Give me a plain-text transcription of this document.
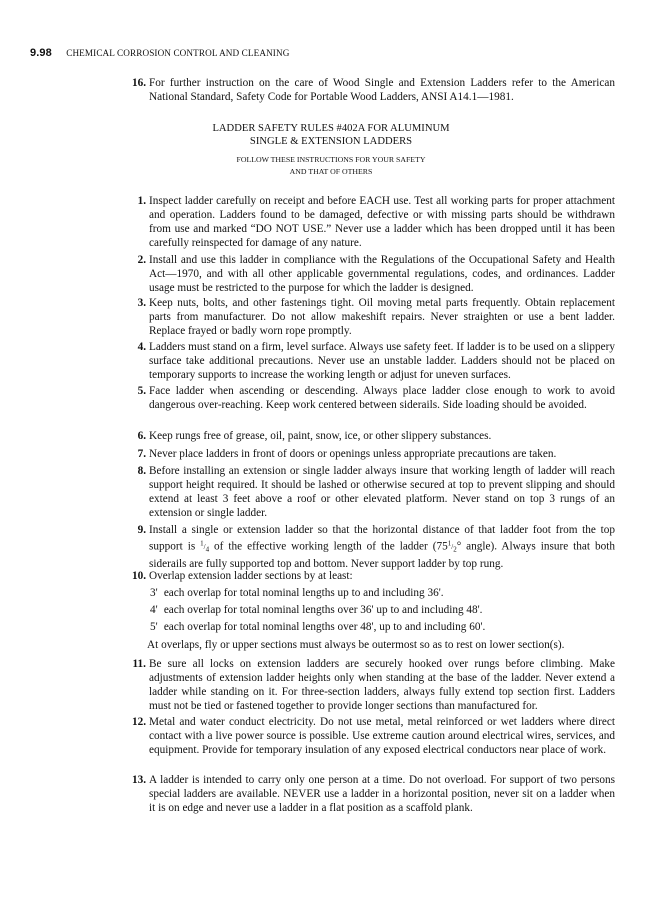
9.98 CHEMICAL CORROSION CONTROL AND CLEANING
16. For further instruction on the care of Wood Single and Extension Ladders refer to the American National Standard, Safety Code for Portable Wood Ladders, ANSI A14.1—1981.

LADDER SAFETY RULES #402A FOR ALUMINUM

SINGLE & EXTENSION LADDERS

FOLLOW THESE INSTRUCTIONS FOR YOUR SAFETY

AND THAT OF OTHERS

1. Inspect ladder carefully on receipt and before EACH use. Test all working parts for proper attachment and operation. Ladders found to be damaged, defective or with missing parts should be withdrawn from use and marked “DO NOT USE.” Never use a ladder which has been dropped until it has been carefully reinspected for damage of any nature.
2. Install and use this ladder in compliance with the Regulations of the Occupational Safety and Health Act—1970, and with all other applicable governmental regulations, codes, and ordinances. Ladder usage must be restricted to the purpose for which the ladder is designed.
3. Keep nuts, bolts, and other fastenings tight. Oil moving metal parts frequently. Obtain replacement parts from manufacturer. Do not allow makeshift repairs. Never straighten or use a bent ladder. Replace frayed or badly worn rope promptly.
4. Ladders must stand on a firm, level surface. Always use safety feet. If ladder is to be used on a slippery surface take additional precautions. Never use an unstable ladder. Ladders should not be placed on temporary supports to increase the working length or adjust for uneven surfaces.
5. Face ladder when ascending or descending. Always place ladder close enough to work to avoid dangerous over-reaching. Keep work centered between siderails. Side loading should be avoided.
6. Keep rungs free of grease, oil, paint, snow, ice, or other slippery substances.
7. Never place ladders in front of doors or openings unless appropriate precautions are taken.
8. Before installing an extension or single ladder always insure that working length of ladder will reach support height required. It should be lashed or otherwise secured at top to prevent slipping and should extend at least 3 feet above a roof or other elevated platform. Never stand on top 3 rungs of an extension or single ladder.
9. Install a single or extension ladder so that the horizontal distance of that ladder foot from the top support is $^1/_4$ of the effective working length of the ladder ($75^1/_2^\circ$ angle). Always insure that both siderails are fully supported top and bottom. Never support ladder by top rung.
10. Overlap extension ladder sections by at least:
3' each overlap for total nominal lengths up to and including 36'.
4' each overlap for total nominal lengths over 36' up to and including 48'.
5' each overlap for total nominal lengths over 48', up to and including 60'.
At overlaps, fly or upper sections must always be outermost so as to rest on lower section(s).
11. Be sure all locks on extension ladders are securely hooked over rungs before climbing. Make adjustments of extension ladder heights only when standing at the base of the ladder. Never extend a ladder while standing on it. For three-section ladders, always fully extend top section first. Ladders must not be tied or fastened together to provide longer sections than manufactured for.
12. Metal and water conduct electricity. Do not use metal, metal reinforced or wet ladders where direct contact with a live power source is possible. Use extreme caution around electrical wires, services, and equipment. Provide for temporary insulation of any exposed electrical conductors near place of work.
13. A ladder is intended to carry only one person at a time. Do not overload. For support of two persons special ladders are available. NEVER use a ladder in a horizontal position, never sit on a ladder when it is on edge and never use a ladder in a flat position as a scaffold plank.
